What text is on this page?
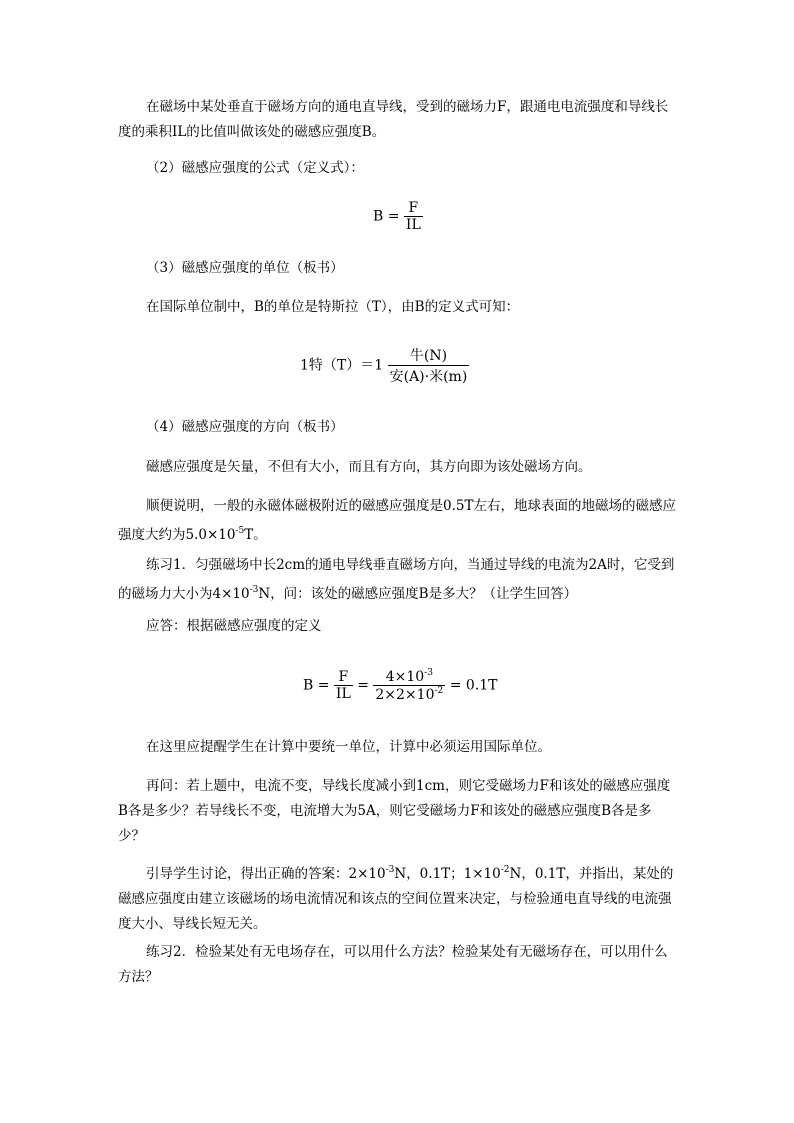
在磁场中某处垂直于磁场方向的通电直导线，受到的磁场力F，跟通电电流强度和导线长度的乘积IL的比值叫做该处的磁感应强度B。

（2）磁感应强度的公式（定义式）：

$B = \frac{F}{IL}$

（3）磁感应强度的单位（板书）

在国际单位制中，B的单位是特斯拉（T），由B的定义式可知：

1特$(T)=1 \frac{\text{牛(N)}}{\text{安(A)·米(m)}}$

（4）磁感应强度的方向（板书）

磁感应强度是矢量，不但有大小，而且有方向，其方向即为该处磁场方向。

顺便说明，一般的永磁体磁极附近的磁感应强度是0.5T左右，地球表面的地磁场的磁感应强度大约为$5.0\times 10^{-5}T$。

练习1．匀强磁场中长2cm的通电导线垂直磁场方向，当通过导线的电流为2A时，它受到的磁场力大小为$4\times 10^{-3}N$，问：该处的磁感应强度B是多大？（让学生回答）

应答：根据磁感应强度的定义

$B = \frac{F}{IL} = \frac{4\times 10^{-3}}{2\times 2\times 10^{-2}} = 0.1T$

在这里应提醒学生在计算中要统一单位，计算中必须运用国际单位。

再问：若上题中，电流不变，导线长度减小到1cm，则它受磁场力F和该处的磁感应强度B各是多少？若导线长不变，电流增大为5A，则它受磁场力F和该处的磁感应强度B各是多少？

引导学生讨论，得出正确的答案：$2\times 10^{-3}N$，0.1T；$1\times 10^{-2}N$，0.1T，并指出，某处的磁感应强度由建立该磁场的场电流情况和该点的空间位置来决定，与检验通电直导线的电流强度大小、导线长短无关。

练习2．检验某处有无电场存在，可以用什么方法？检验某处有无磁场存在，可以用什么方法？
